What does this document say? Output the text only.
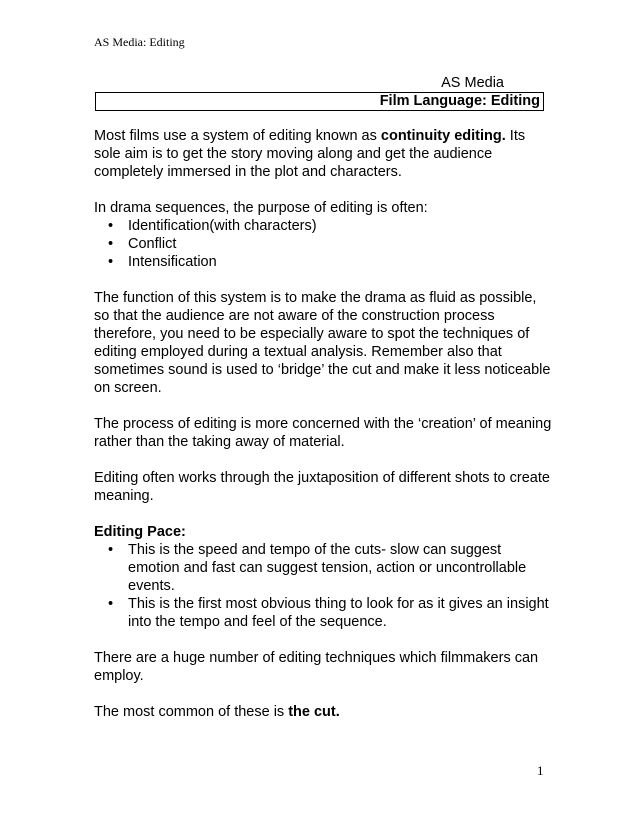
AS Media: Editing
AS Media
Film Language: Editing

Most films use a system of editing known as continuity editing. Its sole aim is to get the story moving along and get the audience completely immersed in the plot and characters.

In drama sequences, the purpose of editing is often:

• Identification(with characters)
• Conflict
• Intensification

The function of this system is to make the drama as fluid as possible, so that the audience are not aware of the construction process therefore, you need to be especially aware to spot the techniques of editing employed during a textual analysis. Remember also that sometimes sound is used to ‘bridge’ the cut and make it less noticeable on screen.

The process of editing is more concerned with the ‘creation’ of meaning rather than the taking away of material.

Editing often works through the juxtaposition of different shots to create meaning.

Editing Pace:

• This is the speed and tempo of the cuts- slow can suggest emotion and fast can suggest tension, action or uncontrollable events.
• This is the first most obvious thing to look for as it gives an insight into the tempo and feel of the sequence.

There are a huge number of editing techniques which filmmakers can employ.

The most common of these is the cut.

1
